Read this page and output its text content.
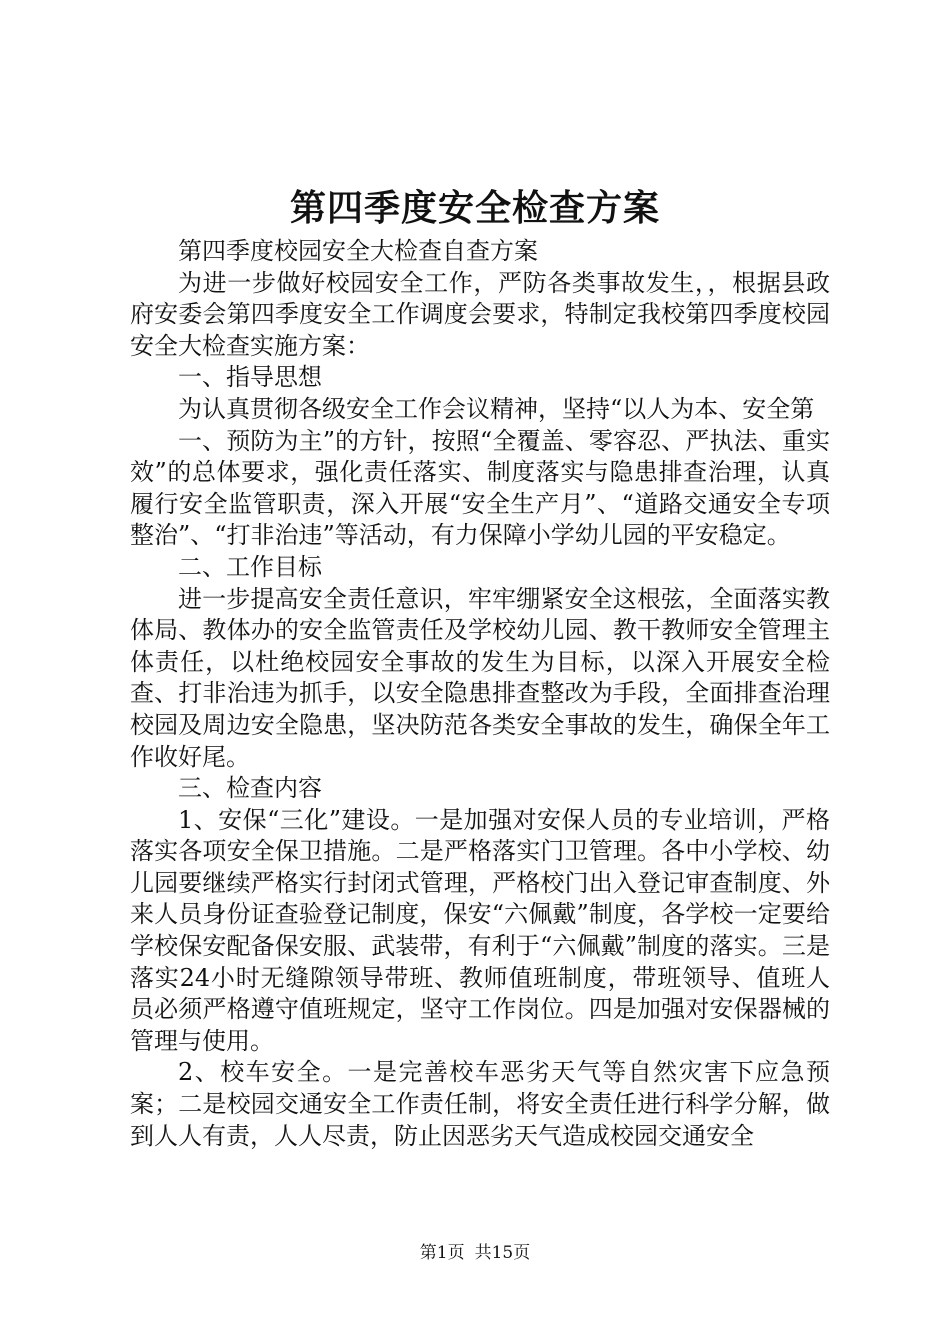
第四季度安全检查方案

第四季度校园安全大检查自查方案

为进一步做好校园安全工作，严防各类事故发生，，根据县政府安委会第四季度安全工作调度会要求，特制定我校第四季度校园安全大检查实施方案：

一、指导思想

为认真贯彻各级安全工作会议精神，坚持“以人为本、安全第

一、预防为主”的方针，按照“全覆盖、零容忍、严执法、重实效”的总体要求，强化责任落实、制度落实与隐患排查治理，认真履行安全监管职责，深入开展“安全生产月”、“道路交通安全专项整治”、“打非治违”等活动，有力保障小学幼儿园的平安稳定。

二、工作目标

进一步提高安全责任意识，牢牢绷紧安全这根弦，全面落实教体局、教体办的安全监管责任及学校幼儿园、教干教师安全管理主体责任，以杜绝校园安全事故的发生为目标，以深入开展安全检查、打非治违为抓手，以安全隐患排查整改为手段，全面排查治理校园及周边安全隐患，坚决防范各类安全事故的发生，确保全年工作收好尾。

三、检查内容

1、安保“三化”建设。一是加强对安保人员的专业培训，严格落实各项安全保卫措施。二是严格落实门卫管理。各中小学校、幼儿园要继续严格实行封闭式管理，严格校门出入登记审查制度、外来人员身份证查验登记制度，保安“六佩戴”制度，各学校一定要给学校保安配备保安服、武装带，有利于“六佩戴”制度的落实。三是落实24小时无缝隙领导带班、教师值班制度，带班领导、值班人员必须严格遵守值班规定，坚守工作岗位。四是加强对安保器械的管理与使用。

2、校车安全。一是完善校车恶劣天气等自然灾害下应急预案；二是校园交通安全工作责任制，将安全责任进行科学分解，做到人人有责，人人尽责，防止因恶劣天气造成校园交通安全

第1页 共15页
